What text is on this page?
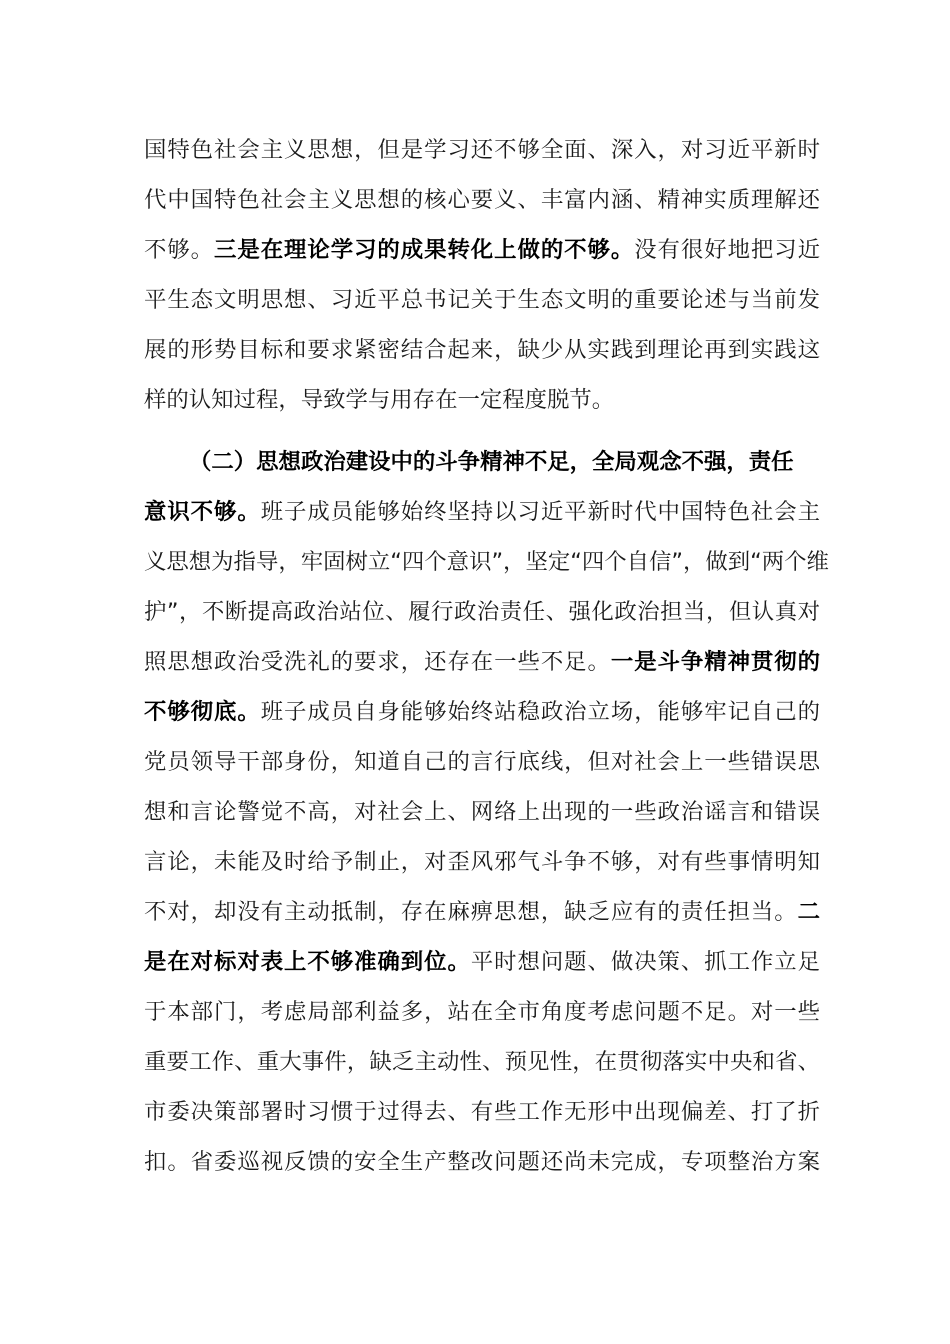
国特色社会主义思想，但是学习还不够全面、深入，对习近平新时
代中国特色社会主义思想的核心要义、丰富内涵、精神实质理解还
不够。三是在理论学习的成果转化上做的不够。没有很好地把习近
平生态文明思想、习近平总书记关于生态文明的重要论述与当前发
展的形势目标和要求紧密结合起来，缺少从实践到理论再到实践这
样的认知过程，导致学与用存在一定程度脱节。
（二）思想政治建设中的斗争精神不足，全局观念不强，责任
意识不够。班子成员能够始终坚持以习近平新时代中国特色社会主
义思想为指导，牢固树立“四个意识”，坚定“四个自信”，做到“两个维
护”，不断提高政治站位、履行政治责任、强化政治担当，但认真对
照思想政治受洗礼的要求，还存在一些不足。一是斗争精神贯彻的
不够彻底。班子成员自身能够始终站稳政治立场，能够牢记自己的
党员领导干部身份，知道自己的言行底线，但对社会上一些错误思
想和言论警觉不高，对社会上、网络上出现的一些政治谣言和错误
言论，未能及时给予制止，对歪风邪气斗争不够，对有些事情明知
不对，却没有主动抵制，存在麻痹思想，缺乏应有的责任担当。二
是在对标对表上不够准确到位。平时想问题、做决策、抓工作立足
于本部门，考虑局部利益多，站在全市角度考虑问题不足。对一些
重要工作、重大事件，缺乏主动性、预见性，在贯彻落实中央和省、
市委决策部署时习惯于过得去、有些工作无形中出现偏差、打了折
扣。省委巡视反馈的安全生产整改问题还尚未完成，专项整治方案
